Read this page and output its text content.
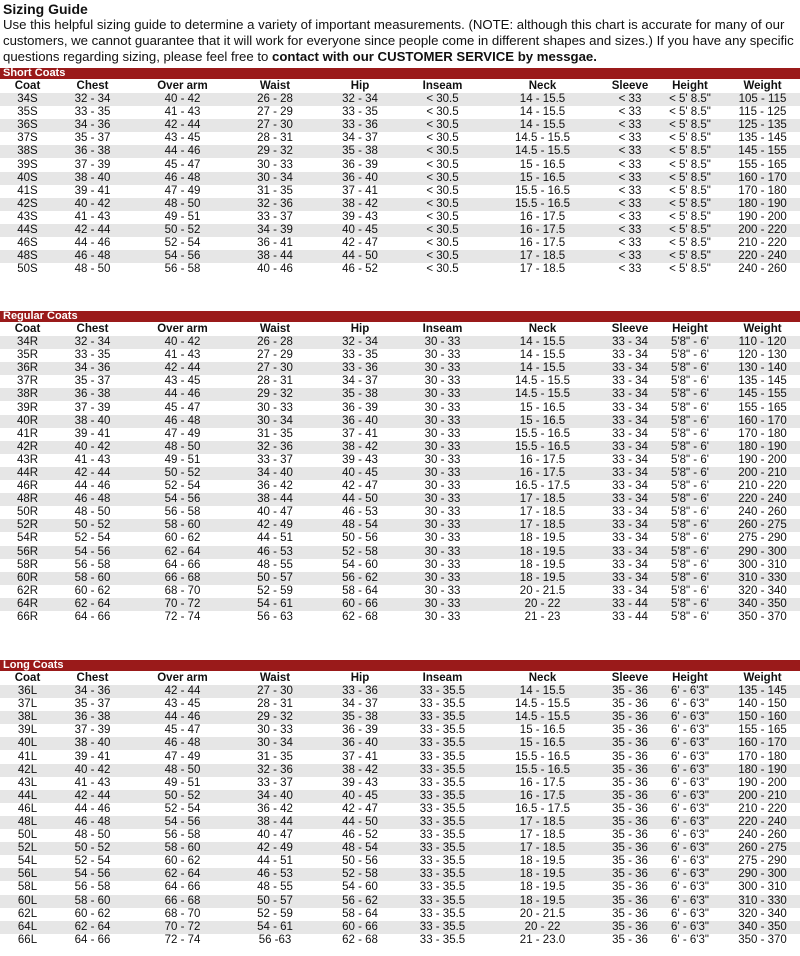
Sizing Guide

Use this helpful sizing guide to determine a variety of important measurements. (NOTE: although this chart is accurate for many of our customers, we cannot guarantee that it will work for everyone since people come in different shapes and sizes.) If you have any specific questions regarding sizing, please feel free to contact with our CUSTOMER SERVICE by messgae.

Short Coats
Coat	Chest	Over arm	Waist	Hip	Inseam	Neck	Sleeve	Height	Weight
34S	32 - 34	40 - 42	26 - 28	32 - 34	< 30.5	14 - 15.5	< 33	< 5' 8.5"	105 - 115
35S	33 - 35	41 - 43	27 - 29	33 - 35	< 30.5	14 - 15.5	< 33	< 5' 8.5"	115 - 125
36S	34 - 36	42 - 44	27 - 30	33 - 36	< 30.5	14 - 15.5	< 33	< 5' 8.5"	125 - 135
37S	35 - 37	43 - 45	28 - 31	34 - 37	< 30.5	14.5 - 15.5	< 33	< 5' 8.5"	135 - 145
38S	36 - 38	44 - 46	29 - 32	35 - 38	< 30.5	14.5 - 15.5	< 33	< 5' 8.5"	145 - 155
39S	37 - 39	45 - 47	30 - 33	36 - 39	< 30.5	15 - 16.5	< 33	< 5' 8.5"	155 - 165
40S	38 - 40	46 - 48	30 - 34	36 - 40	< 30.5	15 - 16.5	< 33	< 5' 8.5"	160 - 170
41S	39 - 41	47 - 49	31 - 35	37 - 41	< 30.5	15.5 - 16.5	< 33	< 5' 8.5"	170 - 180
42S	40 - 42	48 - 50	32 - 36	38 - 42	< 30.5	15.5 - 16.5	< 33	< 5' 8.5"	180 - 190
43S	41 - 43	49 - 51	33 - 37	39 - 43	< 30.5	16 - 17.5	< 33	< 5' 8.5"	190 - 200
44S	42 - 44	50 - 52	34 - 39	40 - 45	< 30.5	16 - 17.5	< 33	< 5' 8.5"	200 - 220
46S	44 - 46	52 - 54	36 - 41	42 - 47	< 30.5	16 - 17.5	< 33	< 5' 8.5"	210 - 220
48S	46 - 48	54 - 56	38 - 44	44 - 50	< 30.5	17 - 18.5	< 33	< 5' 8.5"	220 - 240
50S	48 - 50	56 - 58	40 - 46	46 - 52	< 30.5	17 - 18.5	< 33	< 5' 8.5"	240 - 260
Regular Coats
Coat	Chest	Over arm	Waist	Hip	Inseam	Neck	Sleeve	Height	Weight
34R	32 - 34	40 - 42	26 - 28	32 - 34	30 - 33	14 - 15.5	33 - 34	5'8" - 6'	110 - 120
35R	33 - 35	41 - 43	27 - 29	33 - 35	30 - 33	14 - 15.5	33 - 34	5'8" - 6'	120 - 130
36R	34 - 36	42 - 44	27 - 30	33 - 36	30 - 33	14 - 15.5	33 - 34	5'8" - 6'	130 - 140
37R	35 - 37	43 - 45	28 - 31	34 - 37	30 - 33	14.5 - 15.5	33 - 34	5'8" - 6'	135 - 145
38R	36 - 38	44 - 46	29 - 32	35 - 38	30 - 33	14.5 - 15.5	33 - 34	5'8" - 6'	145 - 155
39R	37 - 39	45 - 47	30 - 33	36 - 39	30 - 33	15 - 16.5	33 - 34	5'8" - 6'	155 - 165
40R	38 - 40	46 - 48	30 - 34	36 - 40	30 - 33	15 - 16.5	33 - 34	5'8" - 6'	160 - 170
41R	39 - 41	47 - 49	31 - 35	37 - 41	30 - 33	15.5 - 16.5	33 - 34	5'8" - 6'	170 - 180
42R	40 - 42	48 - 50	32 - 36	38 - 42	30 - 33	15.5 - 16.5	33 - 34	5'8" - 6'	180 - 190
43R	41 - 43	49 - 51	33 - 37	39 - 43	30 - 33	16 - 17.5	33 - 34	5'8" - 6'	190 - 200
44R	42 - 44	50 - 52	34 - 40	40 - 45	30 - 33	16 - 17.5	33 - 34	5'8" - 6'	200 - 210
46R	44 - 46	52 - 54	36 - 42	42 - 47	30 - 33	16.5 - 17.5	33 - 34	5'8" - 6'	210 - 220
48R	46 - 48	54 - 56	38 - 44	44 - 50	30 - 33	17 - 18.5	33 - 34	5'8" - 6'	220 - 240
50R	48 - 50	56 - 58	40 - 47	46 - 53	30 - 33	17 - 18.5	33 - 34	5'8" - 6'	240 - 260
52R	50 - 52	58 - 60	42 - 49	48 - 54	30 - 33	17 - 18.5	33 - 34	5'8" - 6'	260 - 275
54R	52 - 54	60 - 62	44 - 51	50 - 56	30 - 33	18 - 19.5	33 - 34	5'8" - 6'	275 - 290
56R	54 - 56	62 - 64	46 - 53	52 - 58	30 - 33	18 - 19.5	33 - 34	5'8" - 6'	290 - 300
58R	56 - 58	64 - 66	48 - 55	54 - 60	30 - 33	18 - 19.5	33 - 34	5'8" - 6'	300 - 310
60R	58 - 60	66 - 68	50 - 57	56 - 62	30 - 33	18 - 19.5	33 - 34	5'8" - 6'	310 - 330
62R	60 - 62	68 - 70	52 - 59	58 - 64	30 - 33	20 - 21.5	33 - 34	5'8" - 6'	320 - 340
64R	62 - 64	70 - 72	54 - 61	60 - 66	30 - 33	20 - 22	33 - 44	5'8" - 6'	340 - 350
66R	64 - 66	72 - 74	56 - 63	62 - 68	30 - 33	21 - 23	33 - 44	5'8" - 6'	350 - 370
Long Coats
Coat	Chest	Over arm	Waist	Hip	Inseam	Neck	Sleeve	Height	Weight
36L	34 - 36	42 - 44	27 - 30	33 - 36	33 - 35.5	14 - 15.5	35 - 36	6' - 6'3"	135 - 145
37L	35 - 37	43 - 45	28 - 31	34 - 37	33 - 35.5	14.5 - 15.5	35 - 36	6' - 6'3"	140 - 150
38L	36 - 38	44 - 46	29 - 32	35 - 38	33 - 35.5	14.5 - 15.5	35 - 36	6' - 6'3"	150 - 160
39L	37 - 39	45 - 47	30 - 33	36 - 39	33 - 35.5	15 - 16.5	35 - 36	6' - 6'3"	155 - 165
40L	38 - 40	46 - 48	30 - 34	36 - 40	33 - 35.5	15 - 16.5	35 - 36	6' - 6'3"	160 - 170
41L	39 - 41	47 - 49	31 - 35	37 - 41	33 - 35.5	15.5 - 16.5	35 - 36	6' - 6'3"	170 - 180
42L	40 - 42	48 - 50	32 - 36	38 - 42	33 - 35.5	15.5 - 16.5	35 - 36	6' - 6'3"	180 - 190
43L	41 - 43	49 - 51	33 - 37	39 - 43	33 - 35.5	16 - 17.5	35 - 36	6' - 6'3"	190 - 200
44L	42 - 44	50 - 52	34 - 40	40 - 45	33 - 35.5	16 - 17.5	35 - 36	6' - 6'3"	200 - 210
46L	44 - 46	52 - 54	36 - 42	42 - 47	33 - 35.5	16.5 - 17.5	35 - 36	6' - 6'3"	210 - 220
48L	46 - 48	54 - 56	38 - 44	44 - 50	33 - 35.5	17 - 18.5	35 - 36	6' - 6'3"	220 - 240
50L	48 - 50	56 - 58	40 - 47	46 - 52	33 - 35.5	17 - 18.5	35 - 36	6' - 6'3"	240 - 260
52L	50 - 52	58 - 60	42 - 49	48 - 54	33 - 35.5	17 - 18.5	35 - 36	6' - 6'3"	260 - 275
54L	52 - 54	60 - 62	44 - 51	50 - 56	33 - 35.5	18 - 19.5	35 - 36	6' - 6'3"	275 - 290
56L	54 - 56	62 - 64	46 - 53	52 - 58	33 - 35.5	18 - 19.5	35 - 36	6' - 6'3"	290 - 300
58L	56 - 58	64 - 66	48 - 55	54 - 60	33 - 35.5	18 - 19.5	35 - 36	6' - 6'3"	300 - 310
60L	58 - 60	66 - 68	50 - 57	56 - 62	33 - 35.5	18 - 19.5	35 - 36	6' - 6'3"	310 - 330
62L	60 - 62	68 - 70	52 - 59	58 - 64	33 - 35.5	20 - 21.5	35 - 36	6' - 6'3"	320 - 340
64L	62 - 64	70 - 72	54 - 61	60 - 66	33 - 35.5	20 - 22	35 - 36	6' - 6'3"	340 - 350
66L	64 - 66	72 - 74	56 -63	62 - 68	33 - 35.5	21 - 23.0	35 - 36	6' - 6'3"	350 - 370
